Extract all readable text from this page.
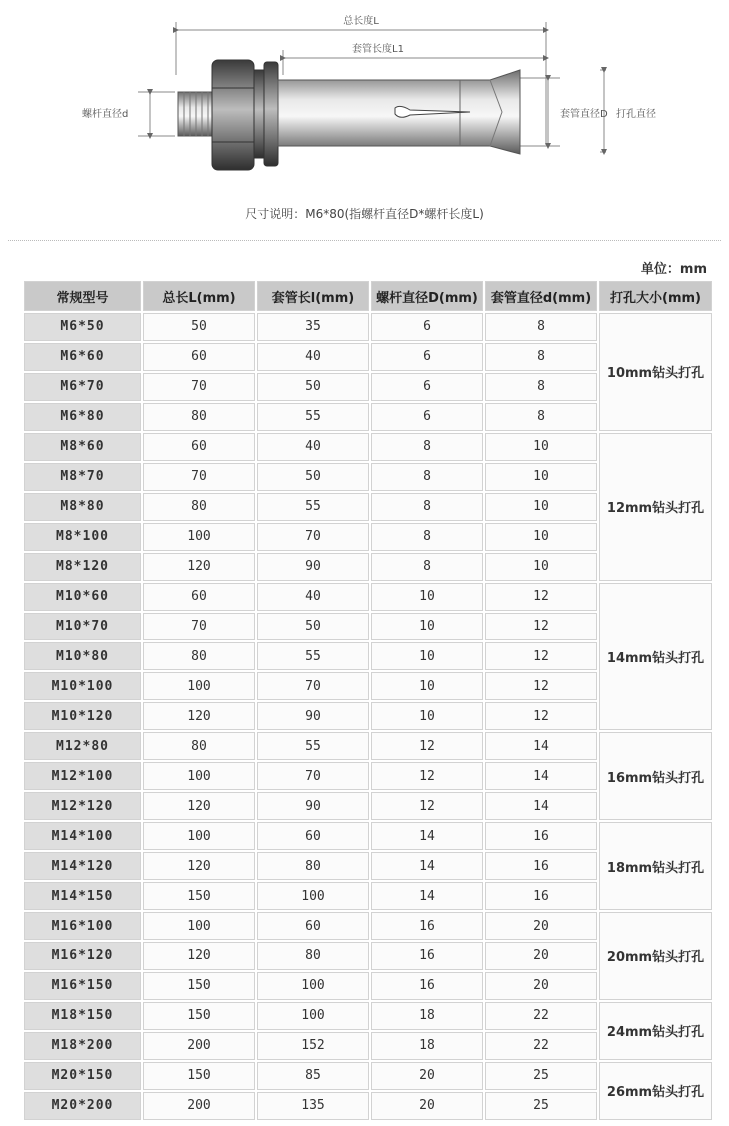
总长度L
套管长度L1
螺杆直径d	套管直径D 打孔直径
尺寸说明：M6*80(指螺杆直径D*螺杆长度L)
单位：mm
常规型号	总长L(mm)	套管长l(mm)	螺杆直径D(mm)	套管直径d(mm)	打孔大小(mm)
M6*50	50	35	6	8	10mm钻头打孔
M6*60	60	40	6	8	
M6*70	70	50	6	8	
M6*80	80	55	6	8	
M8*60	60	40	8	10	12mm钻头打孔
M8*70	70	50	8	10	
M8*80	80	55	8	10	
M8*100	100	70	8	10	
M8*120	120	90	8	10	
M10*60	60	40	10	12	14mm钻头打孔
M10*70	70	50	10	12	
M10*80	80	55	10	12	
M10*100	100	70	10	12	
M10*120	120	90	10	12	
M12*80	80	55	12	14	16mm钻头打孔
M12*100	100	70	12	14	
M12*120	120	90	12	14	
M14*100	100	60	14	16	18mm钻头打孔
M14*120	120	80	14	16	
M14*150	150	100	14	16	
M16*100	100	60	16	20	20mm钻头打孔
M16*120	120	80	16	20	
M16*150	150	100	16	20	
M18*150	150	100	18	22	24mm钻头打孔
M18*200	200	152	18	22	
M20*150	150	85	20	25	26mm钻头打孔
M20*200	200	135	20	25	
